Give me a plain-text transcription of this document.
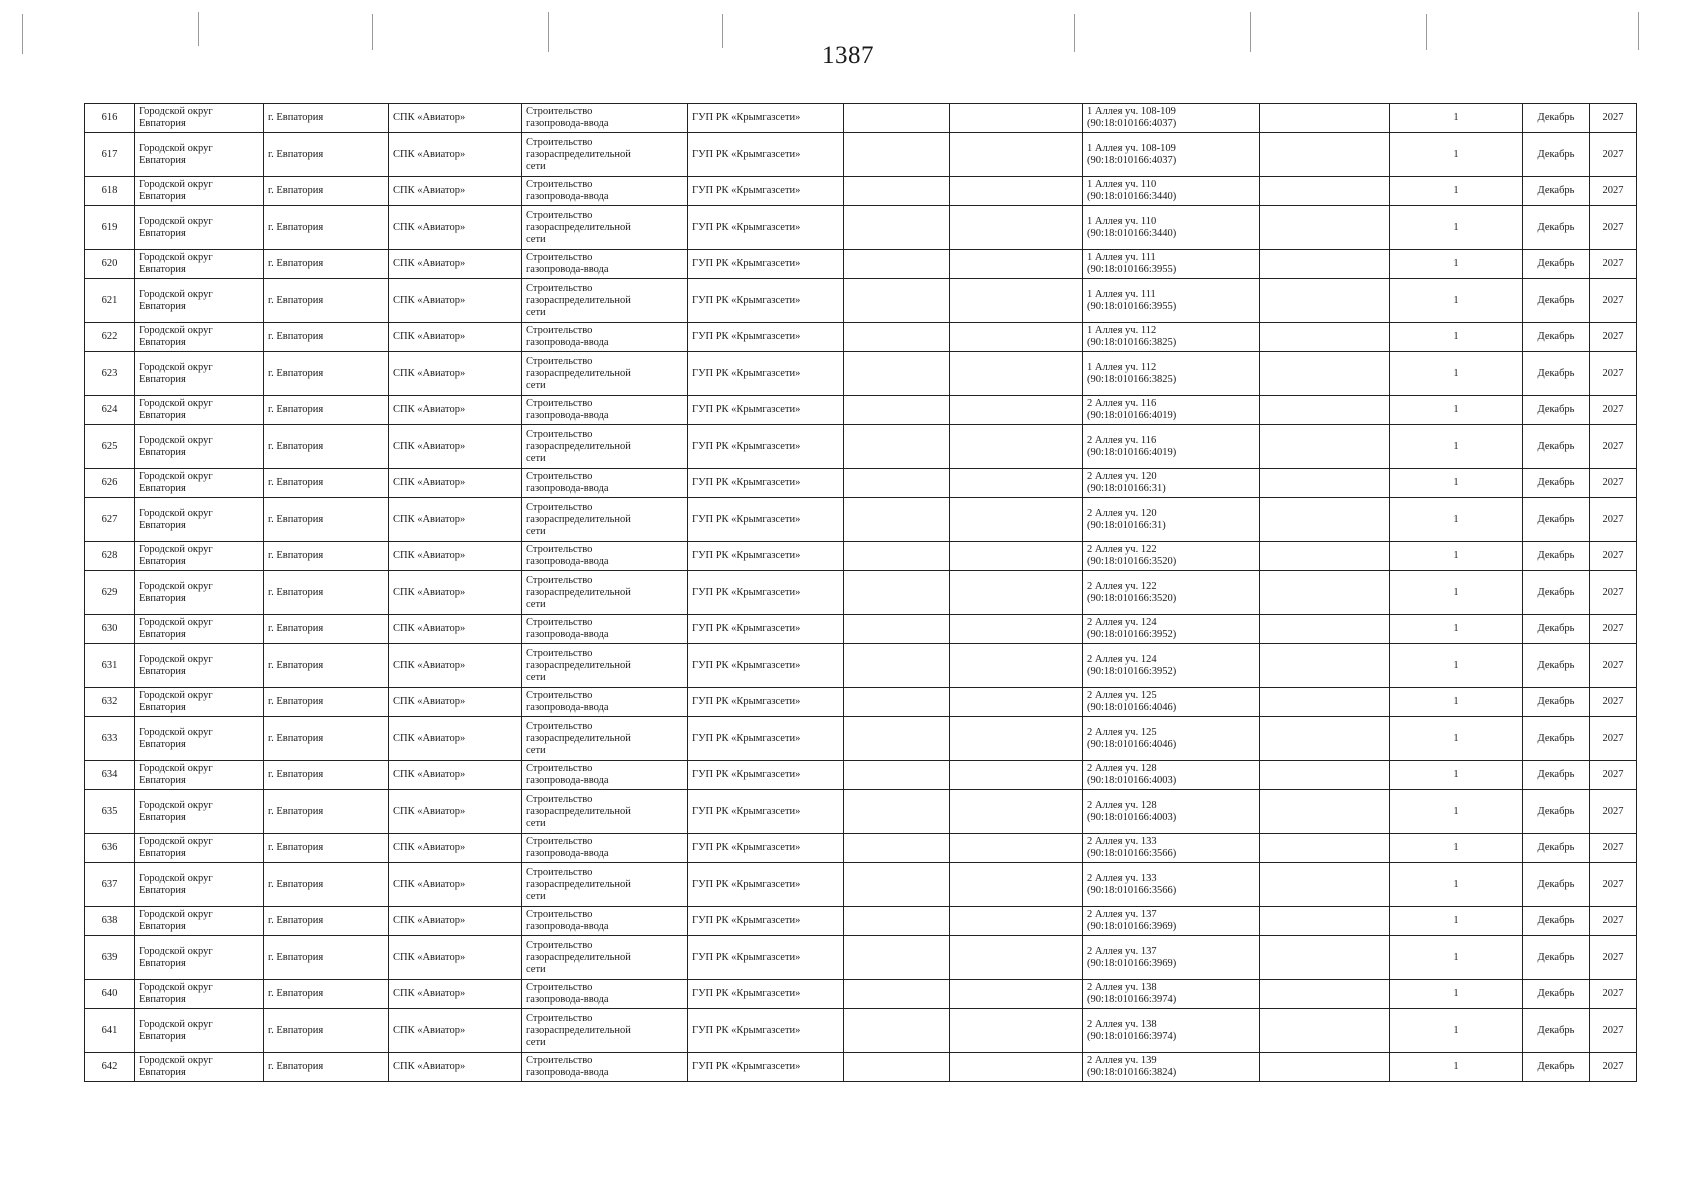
1387
616	Городской округ
Евпатория	г. Евпатория	СПК «Авиатор»	Строительство
газопровода-ввода	ГУП РК «Крымгазсети»			1 Аллея уч. 108-109
(90:18:010166:4037)		1	Декабрь	2027
617	Городской округ
Евпатория	г. Евпатория	СПК «Авиатор»	Строительство
газораспределительной
сети	ГУП РК «Крымгазсети»			1 Аллея уч. 108-109
(90:18:010166:4037)		1	Декабрь	2027
618	Городской округ
Евпатория	г. Евпатория	СПК «Авиатор»	Строительство
газопровода-ввода	ГУП РК «Крымгазсети»			1 Аллея уч. 110
(90:18:010166:3440)		1	Декабрь	2027
619	Городской округ
Евпатория	г. Евпатория	СПК «Авиатор»	Строительство
газораспределительной
сети	ГУП РК «Крымгазсети»			1 Аллея уч. 110
(90:18:010166:3440)		1	Декабрь	2027
620	Городской округ
Евпатория	г. Евпатория	СПК «Авиатор»	Строительство
газопровода-ввода	ГУП РК «Крымгазсети»			1 Аллея уч. 111
(90:18:010166:3955)		1	Декабрь	2027
621	Городской округ
Евпатория	г. Евпатория	СПК «Авиатор»	Строительство
газораспределительной
сети	ГУП РК «Крымгазсети»			1 Аллея уч. 111
(90:18:010166:3955)		1	Декабрь	2027
622	Городской округ
Евпатория	г. Евпатория	СПК «Авиатор»	Строительство
газопровода-ввода	ГУП РК «Крымгазсети»			1 Аллея уч. 112
(90:18:010166:3825)		1	Декабрь	2027
623	Городской округ
Евпатория	г. Евпатория	СПК «Авиатор»	Строительство
газораспределительной
сети	ГУП РК «Крымгазсети»			1 Аллея уч. 112
(90:18:010166:3825)		1	Декабрь	2027
624	Городской округ
Евпатория	г. Евпатория	СПК «Авиатор»	Строительство
газопровода-ввода	ГУП РК «Крымгазсети»			2 Аллея уч. 116
(90:18:010166:4019)		1	Декабрь	2027
625	Городской округ
Евпатория	г. Евпатория	СПК «Авиатор»	Строительство
газораспределительной
сети	ГУП РК «Крымгазсети»			2 Аллея уч. 116
(90:18:010166:4019)		1	Декабрь	2027
626	Городской округ
Евпатория	г. Евпатория	СПК «Авиатор»	Строительство
газопровода-ввода	ГУП РК «Крымгазсети»			2 Аллея уч. 120
(90:18:010166:31)		1	Декабрь	2027
627	Городской округ
Евпатория	г. Евпатория	СПК «Авиатор»	Строительство
газораспределительной
сети	ГУП РК «Крымгазсети»			2 Аллея уч. 120
(90:18:010166:31)		1	Декабрь	2027
628	Городской округ
Евпатория	г. Евпатория	СПК «Авиатор»	Строительство
газопровода-ввода	ГУП РК «Крымгазсети»			2 Аллея уч. 122
(90:18:010166:3520)		1	Декабрь	2027
629	Городской округ
Евпатория	г. Евпатория	СПК «Авиатор»	Строительство
газораспределительной
сети	ГУП РК «Крымгазсети»			2 Аллея уч. 122
(90:18:010166:3520)		1	Декабрь	2027
630	Городской округ
Евпатория	г. Евпатория	СПК «Авиатор»	Строительство
газопровода-ввода	ГУП РК «Крымгазсети»			2 Аллея уч. 124
(90:18:010166:3952)		1	Декабрь	2027
631	Городской округ
Евпатория	г. Евпатория	СПК «Авиатор»	Строительство
газораспределительной
сети	ГУП РК «Крымгазсети»			2 Аллея уч. 124
(90:18:010166:3952)		1	Декабрь	2027
632	Городской округ
Евпатория	г. Евпатория	СПК «Авиатор»	Строительство
газопровода-ввода	ГУП РК «Крымгазсети»			2 Аллея уч. 125
(90:18:010166:4046)		1	Декабрь	2027
633	Городской округ
Евпатория	г. Евпатория	СПК «Авиатор»	Строительство
газораспределительной
сети	ГУП РК «Крымгазсети»			2 Аллея уч. 125
(90:18:010166:4046)		1	Декабрь	2027
634	Городской округ
Евпатория	г. Евпатория	СПК «Авиатор»	Строительство
газопровода-ввода	ГУП РК «Крымгазсети»			2 Аллея уч. 128
(90:18:010166:4003)		1	Декабрь	2027
635	Городской округ
Евпатория	г. Евпатория	СПК «Авиатор»	Строительство
газораспределительной
сети	ГУП РК «Крымгазсети»			2 Аллея уч. 128
(90:18:010166:4003)		1	Декабрь	2027
636	Городской округ
Евпатория	г. Евпатория	СПК «Авиатор»	Строительство
газопровода-ввода	ГУП РК «Крымгазсети»			2 Аллея уч. 133
(90:18:010166:3566)		1	Декабрь	2027
637	Городской округ
Евпатория	г. Евпатория	СПК «Авиатор»	Строительство
газораспределительной
сети	ГУП РК «Крымгазсети»			2 Аллея уч. 133
(90:18:010166:3566)		1	Декабрь	2027
638	Городской округ
Евпатория	г. Евпатория	СПК «Авиатор»	Строительство
газопровода-ввода	ГУП РК «Крымгазсети»			2 Аллея уч. 137
(90:18:010166:3969)		1	Декабрь	2027
639	Городской округ
Евпатория	г. Евпатория	СПК «Авиатор»	Строительство
газораспределительной
сети	ГУП РК «Крымгазсети»			2 Аллея уч. 137
(90:18:010166:3969)		1	Декабрь	2027
640	Городской округ
Евпатория	г. Евпатория	СПК «Авиатор»	Строительство
газопровода-ввода	ГУП РК «Крымгазсети»			2 Аллея уч. 138
(90:18:010166:3974)		1	Декабрь	2027
641	Городской округ
Евпатория	г. Евпатория	СПК «Авиатор»	Строительство
газораспределительной
сети	ГУП РК «Крымгазсети»			2 Аллея уч. 138
(90:18:010166:3974)		1	Декабрь	2027
642	Городской округ
Евпатория	г. Евпатория	СПК «Авиатор»	Строительство
газопровода-ввода	ГУП РК «Крымгазсети»			2 Аллея уч. 139
(90:18:010166:3824)		1	Декабрь	2027
